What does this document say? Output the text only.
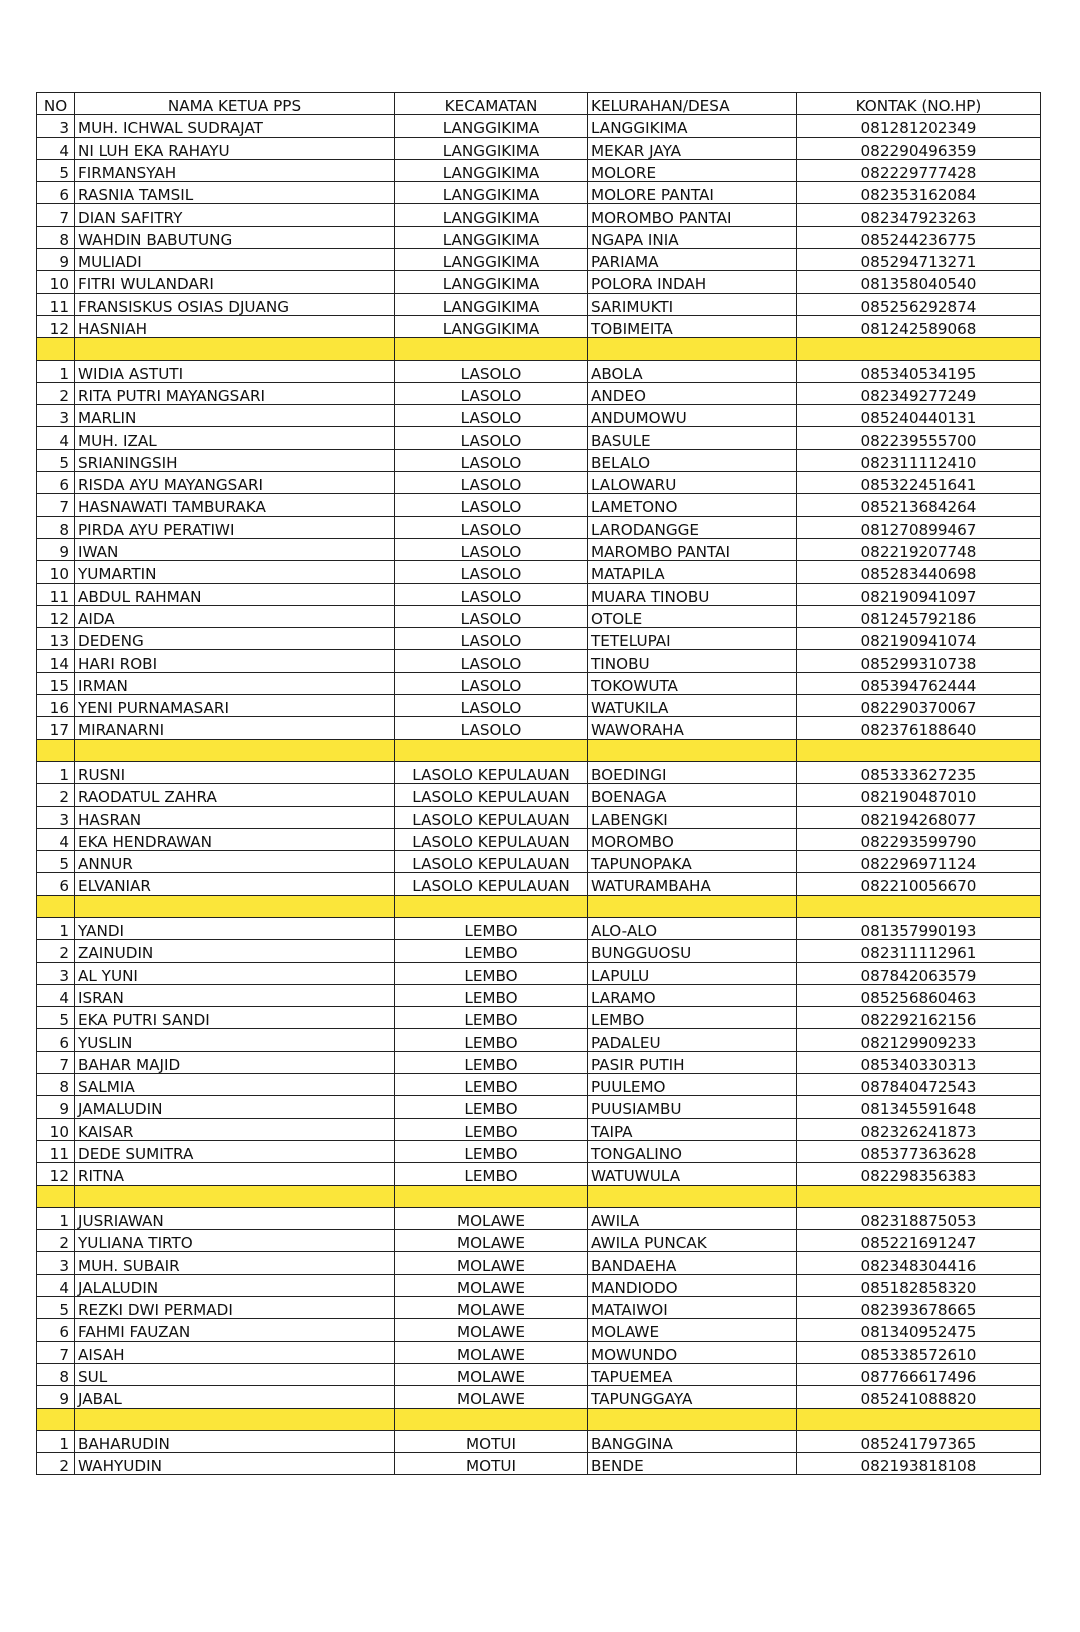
NO	NAMA KETUA PPS	KECAMATAN	KELURAHAN/DESA	KONTAK (NO.HP)
3	MUH. ICHWAL SUDRAJAT	LANGGIKIMA	LANGGIKIMA	081281202349
4	NI LUH EKA RAHAYU	LANGGIKIMA	MEKAR JAYA	082290496359
5	FIRMANSYAH	LANGGIKIMA	MOLORE	082229777428
6	RASNIA TAMSIL	LANGGIKIMA	MOLORE PANTAI	082353162084
7	DIAN SAFITRY	LANGGIKIMA	MOROMBO PANTAI	082347923263
8	WAHDIN BABUTUNG	LANGGIKIMA	NGAPA INIA	085244236775
9	MULIADI	LANGGIKIMA	PARIAMA	085294713271
10	FITRI WULANDARI	LANGGIKIMA	POLORA INDAH	081358040540
11	FRANSISKUS OSIAS DJUANG	LANGGIKIMA	SARIMUKTI	085256292874
12	HASNIAH	LANGGIKIMA	TOBIMEITA	081242589068

1	WIDIA ASTUTI	LASOLO	ABOLA	085340534195
2	RITA PUTRI MAYANGSARI	LASOLO	ANDEO	082349277249
3	MARLIN	LASOLO	ANDUMOWU	085240440131
4	MUH. IZAL	LASOLO	BASULE	082239555700
5	SRIANINGSIH	LASOLO	BELALO	082311112410
6	RISDA AYU MAYANGSARI	LASOLO	LALOWARU	085322451641
7	HASNAWATI TAMBURAKA	LASOLO	LAMETONO	085213684264
8	PIRDA AYU PERATIWI	LASOLO	LARODANGGE	081270899467
9	IWAN	LASOLO	MAROMBO PANTAI	082219207748
10	YUMARTIN	LASOLO	MATAPILA	085283440698
11	ABDUL RAHMAN	LASOLO	MUARA TINOBU	082190941097
12	AIDA	LASOLO	OTOLE	081245792186
13	DEDENG	LASOLO	TETELUPAI	082190941074
14	HARI ROBI	LASOLO	TINOBU	085299310738
15	IRMAN	LASOLO	TOKOWUTA	085394762444
16	YENI PURNAMASARI	LASOLO	WATUKILA	082290370067
17	MIRANARNI	LASOLO	WAWORAHA	082376188640

1	RUSNI	LASOLO KEPULAUAN	BOEDINGI	085333627235
2	RAODATUL ZAHRA	LASOLO KEPULAUAN	BOENAGA	082190487010
3	HASRAN	LASOLO KEPULAUAN	LABENGKI	082194268077
4	EKA HENDRAWAN	LASOLO KEPULAUAN	MOROMBO	082293599790
5	ANNUR	LASOLO KEPULAUAN	TAPUNOPAKA	082296971124
6	ELVANIAR	LASOLO KEPULAUAN	WATURAMBAHA	082210056670

1	YANDI	LEMBO	ALO-ALO	081357990193
2	ZAINUDIN	LEMBO	BUNGGUOSU	082311112961
3	AL YUNI	LEMBO	LAPULU	087842063579
4	ISRAN	LEMBO	LARAMO	085256860463
5	EKA PUTRI SANDI	LEMBO	LEMBO	082292162156
6	YUSLIN	LEMBO	PADALEU	082129909233
7	BAHAR MAJID	LEMBO	PASIR PUTIH	085340330313
8	SALMIA	LEMBO	PUULEMO	087840472543
9	JAMALUDIN	LEMBO	PUUSIAMBU	081345591648
10	KAISAR	LEMBO	TAIPA	082326241873
11	DEDE SUMITRA	LEMBO	TONGALINO	085377363628
12	RITNA	LEMBO	WATUWULA	082298356383

1	JUSRIAWAN	MOLAWE	AWILA	082318875053
2	YULIANA TIRTO	MOLAWE	AWILA PUNCAK	085221691247
3	MUH. SUBAIR	MOLAWE	BANDAEHA	082348304416
4	JALALUDIN	MOLAWE	MANDIODO	085182858320
5	REZKI DWI PERMADI	MOLAWE	MATAIWOI	082393678665
6	FAHMI FAUZAN	MOLAWE	MOLAWE	081340952475
7	AISAH	MOLAWE	MOWUNDO	085338572610
8	SUL	MOLAWE	TAPUEMEA	087766617496
9	JABAL	MOLAWE	TAPUNGGAYA	085241088820

1	BAHARUDIN	MOTUI	BANGGINA	085241797365
2	WAHYUDIN	MOTUI	BENDE	082193818108
